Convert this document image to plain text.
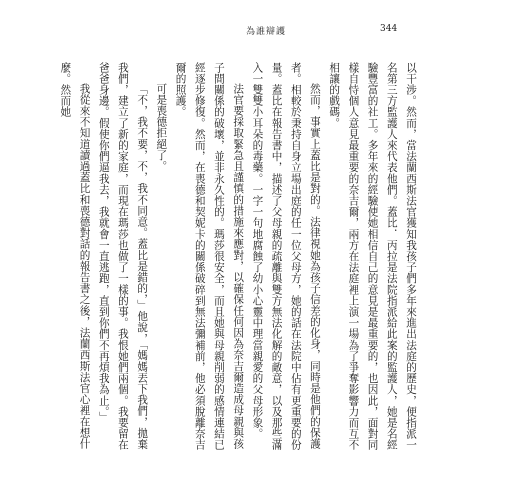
為誰辯護	344

以干涉。然而，當法蘭西斯法官獲知我孩子們多年來進出法庭的歷史，便指派一名第三方監護人來代表他們。蓋比．丙拉是法院指派給此案的監護人，她是名經驗豐富的社工。多年來的經驗使她相信自己的意見是最重要的，也因此，面對同樣自恃個人意見最重要的奈吉爾，兩方在法庭裡上演一場為了爭奪影響力而互不相讓的戲碼。

然而，事實上蓋比是對的。法律視她為孩子信差的化身，同時是他們的保護者。相較於秉持自身立場出庭的任一位父母方，她的話在法院中佔有更重要的份量。蓋比在報告書中，描述了父母親的疏離與雙方無法化解的敵意，以及那些滿入一雙雙小耳朵的毒藥。一字一句地腐蝕了幼小心靈中理當親愛的父母形象。

法官要採取緊急且謹慎的措施來應對，以確保任何因為奈吉爾造成母親與孩子間關係的破壞，並非永久性的。瑪莎很安全，而且她與母親削弱的感情連結已經逐步修復。然而，在喪德和契妮卡的關係破碎到無法彌補前，他必須脫離奈吉爾的照護。

可是喪德拒絕了。

「不，我不要，不，我不同意。蓋比是錯的，」他說，「媽媽丟下我們，拋棄我們，建立了新的家庭，而現在瑪莎也做了一樣的事。我恨她們兩個。我要留在爸爸身邊。假使你們逼我去，我就會一直逃跑，直到你們不再煩我為止。」

我從來不知道讀過蓋比和喪德對話的報告書之後，法蘭西斯法官心裡在想什麼。然而她
